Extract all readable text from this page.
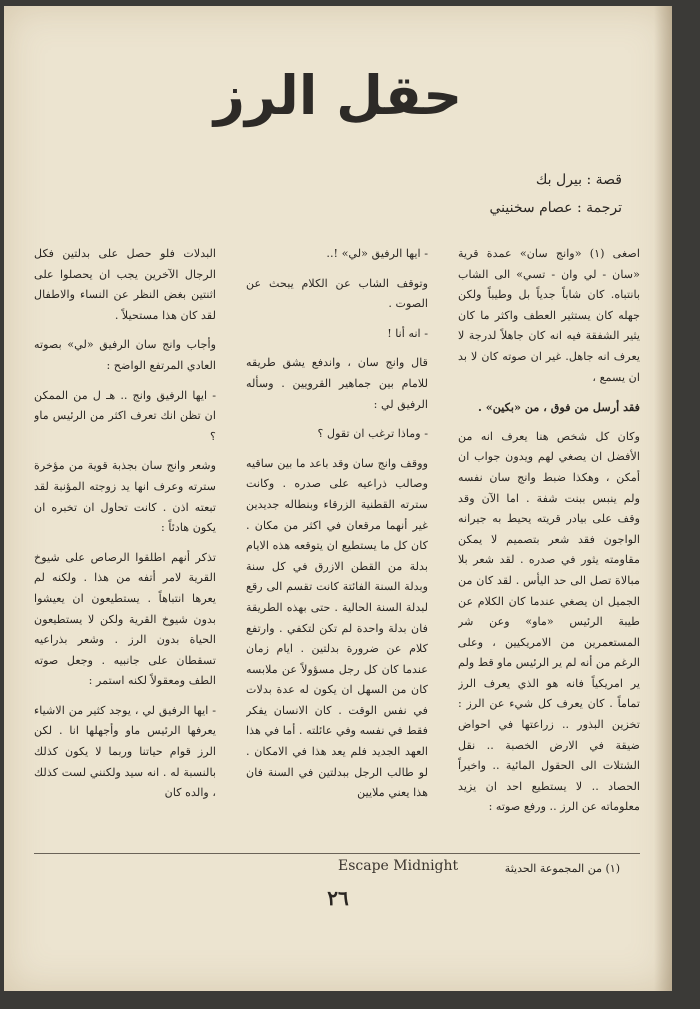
حقل الرز
قصة : بيرل بك
ترجمة : عصام سخنيني

اصغى (١) «وانج سان» عمدة قرية «سان - لي وان - تسي» الى الشاب بانتباه. كان شاباً جدياً بل وطيباً ولكن جهله كان يستثير العطف واكثر ما كان يثير الشفقة فيه انه كان جاهلاً لدرجة لا يعرف انه جاهل. غير ان صوته كان لا بد ان يسمع ،

فقد أرسل من فوق ، من «بكين» .

وكان كل شخص هنا يعرف انه من الأفضل ان يصغي لهم ويدون جواب ان أمكن ، وهكذا ضبط وانج سان نفسه ولم ينبس ببنت شفة . اما الآن وقد وقف على بيادر قريته يحيط به جيرانه الواجون فقد شعر بتصميم لا يمكن مقاومته يثور في صدره . لقد شعر بلا مبالاة تصل الى حد اليأس . لقد كان من الجميل ان يصغي عندما كان الكلام عن طيبة الرئيس «ماو» وعن شر المستعمرين من الامريكيين ، وعلى الرغم من أنه لم ير الرئيس ماو قط ولم ير امريكياً فانه هو الذي يعرف الرز تماماً . كان يعرف كل شيء عن الرز : تخزين البذور .. زراعتها في احواض ضيقة في الارض الخصبة .. نقل الشتلات الى الحقول المائية .. واخيراً الحصاد .. لا يستطيع احد ان يزيد معلوماته عن الرز .. ورفع صوته :

- ايها الرفيق «لي» !..

وتوقف الشاب عن الكلام يبحث عن الصوت .

- انه أنا !

قال وانج سان ، واندفع يشق طريقه للامام بين جماهير القرويين . وسأله الرفيق لي :

- وماذا ترغب ان تقول ؟

ووقف وانج سان وقد باعد ما بين ساقيه وصالب ذراعيه على صدره . وكانت سترته القطنية الزرقاء وبنطاله جديدين غير أنهما مرقعان في اكثر من مكان . كان كل ما يستطيع ان يتوقعه هذه الايام بدلة من القطن الازرق في كل سنة وبدلة السنة الفائتة كانت تقسم الى رقع لبدلة السنة الحالية . حتى بهذه الطريقة فان بدلة واحدة لم تكن لتكفي . وارتفع كلام عن ضرورة بدلتين . ايام زمان عندما كان كل رجل مسؤولاً عن ملابسه كان من السهل ان يكون له عدة بدلات في نفس الوقت . كان الانسان يفكر فقط في نفسه وفي عائلته . أما في هذا العهد الجديد فلم يعد هذا في الامكان . لو طالب الرجل ببدلتين في السنة فان هذا يعني ملايين

البدلات فلو حصل على بدلتين فكل الرجال الآخرين يجب ان يحصلوا على اثنتين بغض النظر عن النساء والاطفال لقد كان هذا مستحيلاً .

وأجاب وانج سان الرفيق «لي» بصوته العادي المرتفع الواضح :

- ايها الرفيق وانج .. هـ ل من الممكن ان تظن انك تعرف اكثر من الرئيس ماو ؟

وشعر وانج سان بجذبة قوية من مؤخرة سترته وعرف انها يد زوجته المؤنبة لقد تبعته اذن . كانت تحاول ان تخبره ان يكون هادئاً :

تذكر أنهم اطلقوا الرصاص على شيوخ القرية لامر أتفه من هذا . ولكنه لم يعرها انتباهاً . يستطيعون ان يعيشوا بدون شيوخ القرية ولكن لا يستطيعون الحياة بدون الرز . وشعر بذراعيه تسقطان على جانبيه . وجعل صوته الطف ومعقولاً لكنه استمر :

- ايها الرفيق لي ، يوجد كثير من الاشياء يعرفها الرئيس ماو وأجهلها انا . لكن الرز قوام حياتنا وربما لا يكون كذلك بالنسبة له . انه سيد ولكنني لست كذلك ، والده كان

Escape Midnight	(١) من المجموعة الحديثة
٢٦
